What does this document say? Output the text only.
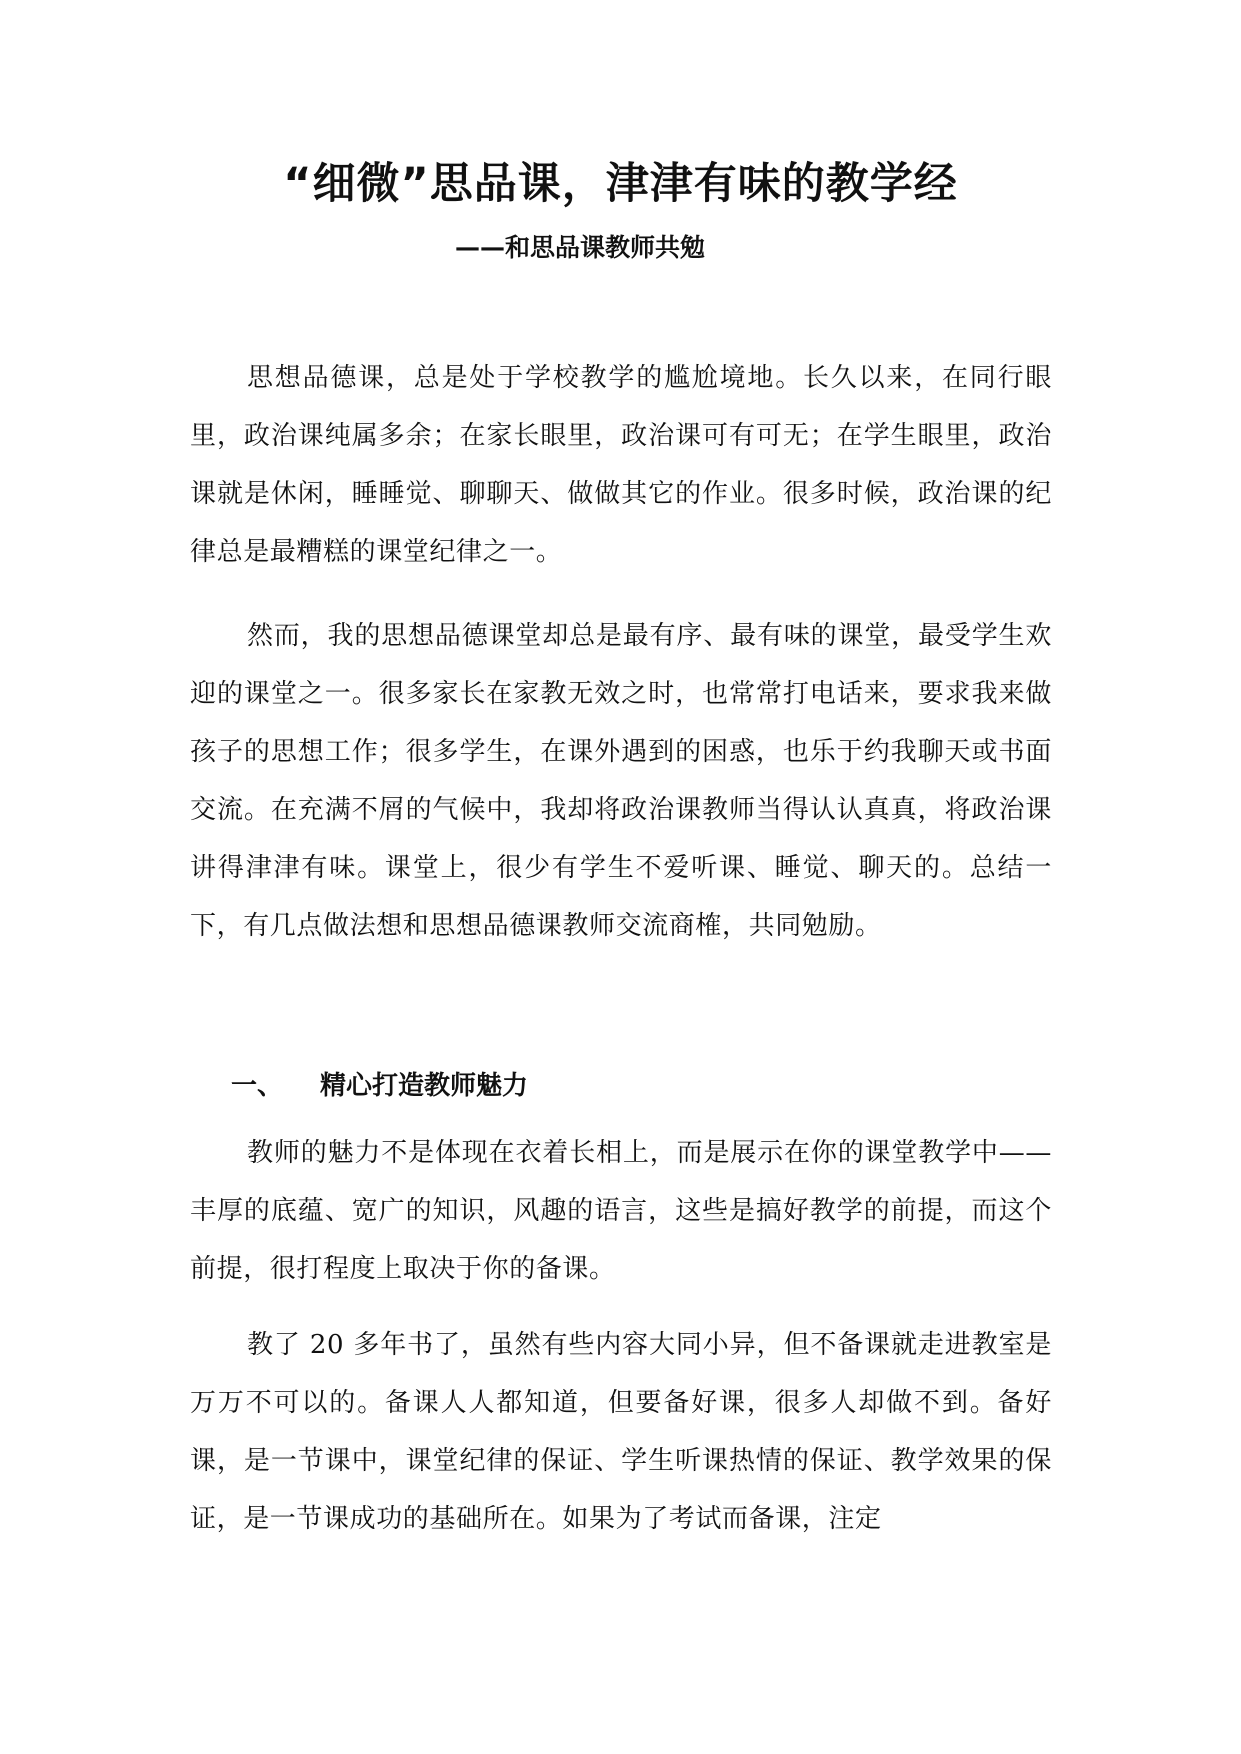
“细微”思品课，津津有味的教学经
——和思品课教师共勉

思想品德课，总是处于学校教学的尴尬境地。长久以来，在同行眼里，政治课纯属多余；在家长眼里，政治课可有可无；在学生眼里，政治课就是休闲，睡睡觉、聊聊天、做做其它的作业。很多时候，政治课的纪律总是最糟糕的课堂纪律之一。

然而，我的思想品德课堂却总是最有序、最有味的课堂，最受学生欢迎的课堂之一。很多家长在家教无效之时，也常常打电话来，要求我来做孩子的思想工作；很多学生，在课外遇到的困惑，也乐于约我聊天或书面交流。在充满不屑的气候中，我却将政治课教师当得认认真真，将政治课讲得津津有味。课堂上，很少有学生不爱听课、睡觉、聊天的。总结一下，有几点做法想和思想品德课教师交流商榷，共同勉励。

一、 精心打造教师魅力

教师的魅力不是体现在衣着长相上，而是展示在你的课堂教学中——丰厚的底蕴、宽广的知识，风趣的语言，这些是搞好教学的前提，而这个前提，很打程度上取决于你的备课。

教了 20 多年书了，虽然有些内容大同小异，但不备课就走进教室是万万不可以的。备课人人都知道，但要备好课，很多人却做不到。备好课，是一节课中，课堂纪律的保证、学生听课热情的保证、教学效果的保证，是一节课成功的基础所在。如果为了考试而备课，注定
